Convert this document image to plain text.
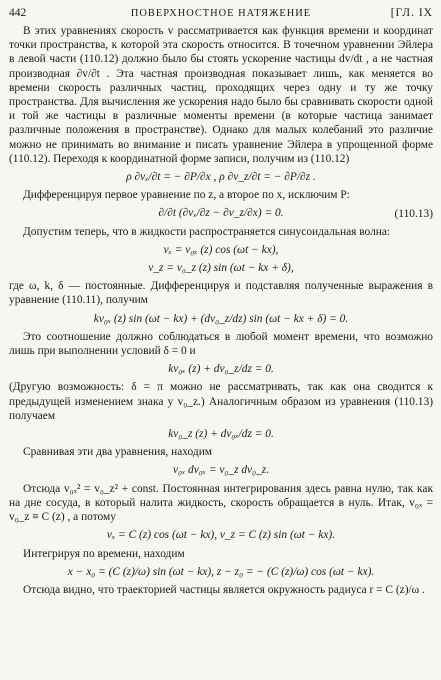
442	ПОВЕРХНОСТНОЕ НАТЯЖЕНИЕ	[ГЛ. IX

В этих уравнениях скорость v рассматривается как функция времени и координат точки пространства, к которой эта скорость относится. В точечном уравнении Эйлера в левой части (110.12) должно было бы стоять ускорение частицы dv/dt , а не частная производная ∂v/∂t . Эта частная производная показывает лишь, как меняется во времени скорость различных частиц, проходящих через одну и ту же точку пространства. Для вычисления же ускорения надо было бы сравнивать скорости одной и той же частицы в различные моменты времени (в которые частица занимает различные положения в пространстве). Однако для малых колебаний это различие можно не принимать во внимание и писать уравнение Эйлера в упрощенной форме (110.12). Переходя к координатной форме записи, получим из (110.12)

ρ ∂vₓ/∂t = − ∂P/∂x , ρ ∂v_z/∂t = − ∂P/∂z .

Дифференцируя первое уравнение по z, а второе по x, исключим P:

∂/∂t (∂vₓ/∂z − ∂v_z/∂x) = 0.	(110.13)

Допустим теперь, что в жидкости распространяется синусоидальная волна:

vₓ = v₀ₓ (z) cos (ωt − kx),
v_z = v₀_z (z) sin (ωt − kx + δ),

где ω, k, δ — постоянные. Дифференцируя и подставляя полученные выражения в уравнение (110.11), получим

kv₀ₓ (z) sin (ωt − kx) + (dv₀_z/dz) sin (ωt − kx + δ) = 0.

Это соотношение должно соблюдаться в любой момент времени, что возможно лишь при выполнении условий δ = 0 и

kv₀ₓ (z) + dv₀_z/dz = 0.

(Другую возможность: δ = π можно не рассматривать, так как она сводится к предыдущей изменением знака у v₀_z.) Аналогичным образом из уравнения (110.13) получаем

kv₀_z (z) + dv₀ₓ/dz = 0.

Сравнивая эти два уравнения, находим

v₀ₓ dv₀ₓ = v₀_z dv₀_z.

Отсюда v₀ₓ² = v₀_z² + const. Постоянная интегрирования здесь равна нулю, так как на дне сосуда, в который налита жидкость, скорость обращается в нуль. Итак, v₀ₓ = v₀_z ≡ C (z) , а потому

vₓ = C (z) cos (ωt − kx), v_z = C (z) sin (ωt − kx).

Интегрируя по времени, находим

x − x₀ = (C (z)/ω) sin (ωt − kx), z − z₀ = − (C (z)/ω) cos (ωt − kx).

Отсюда видно, что траекторией частицы является окружность радиуса r = C (z)/ω .
